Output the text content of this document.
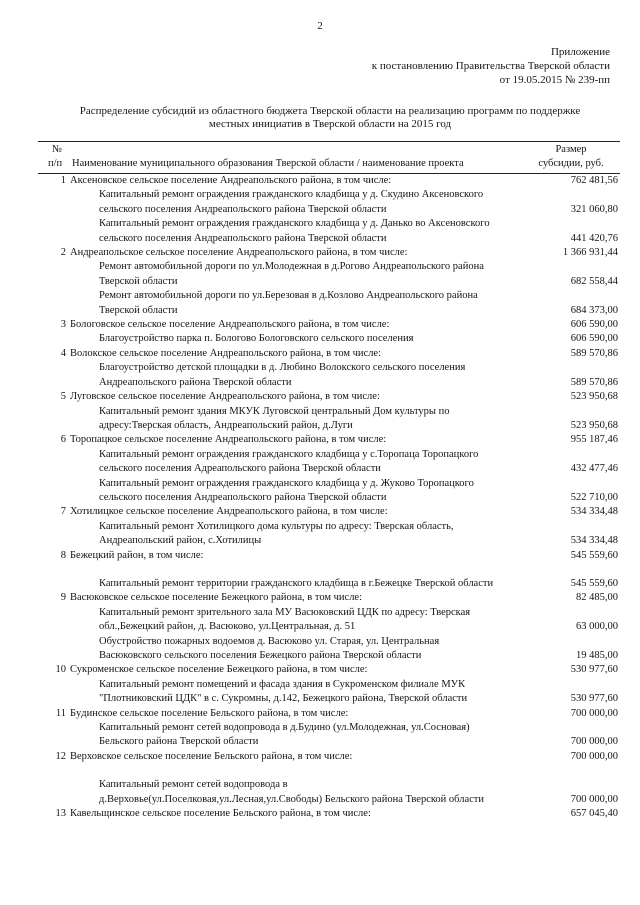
2
Приложение
к постановлению Правительства Тверской области
от 19.05.2015 № 239-пп
Распределение субсидий из областного бюджета Тверской области на реализацию программ по поддержке
местных инициатив в Тверской области на 2015 год
№
п/п Наименование муниципального образования Тверской области / наименование проекта
Размер
субсидии, руб.
1 Аксеновское сельское поселение Андреапольского района, в том числе:	762 481,56
Капитальный ремонт ограждения гражданского кладбища у д. Скудино Аксеновского
сельского поселения Андреапольского района Тверской области	321 060,80
Капитальный ремонт ограждения гражданского кладбища у д. Данько во Аксеновского
сельского поселения Андреапольского района Тверской области	441 420,76
2 Андреапольское сельское поселение Андреапольского района, в том числе:	1 366 931,44
Ремонт автомобильной дороги по ул.Молодежная в д.Рогово Андреапольского района
Тверской области	682 558,44
Ремонт автомобильной дороги по ул.Березовая в д.Козлово Андреапольского района
Тверской области	684 373,00
3 Бологовское сельское поселение Андреапольского района, в том числе:	606 590,00
Благоустройство парка п. Бологово Бологовского сельского поселения	606 590,00
4 Волокское сельское поселение Андреапольского района, в том числе:	589 570,86
Благоустройство детской площадки в д. Любино Волокского сельского поселения
Андреапольского района Тверской области	589 570,86
5 Луговское сельское поселение Андреапольского района, в том числе:	523 950,68
Капитальный ремонт здания МКУК Луговской центральный Дом культуры по
адресу:Тверская область, Андреапольский район, д.Луги	523 950,68
6 Торопацкое сельское поселение Андреапольского района, в том числе:	955 187,46
Капитальный ремонт ограждения гражданского кладбища у с.Торопаца Торопацкого
сельского поселения Адреапольского района Тверской области	432 477,46
Капитальный ремонт ограждения гражданского кладбища у д. Жуково Торопацкого
сельского поселения Андреапольского района Тверской области	522 710,00
7 Хотилицкое сельское поселение Андреапольского района, в том числе:	534 334,48
Капитальный ремонт Хотилицкого дома культуры по адресу: Тверская область,
Андреапольский район, с.Хотилицы	534 334,48
8 Бежецкий район, в том числе:	545 559,60
Капитальный ремонт территории гражданского кладбища в г.Бежецке Тверской области	545 559,60
9 Васюковское сельское поселение Бежецкого района, в том числе:	82 485,00
Капитальный ремонт зрительного зала МУ Васюковский ЦДК по адресу: Тверская
обл.,Бежецкий район, д. Васюково, ул.Центральная, д. 51	63 000,00
Обустройство пожарных водоемов д. Васюково ул. Старая, ул. Центральная
Васюковского сельского поселения Бежецкого района Тверской области	19 485,00
10 Сукроменское сельское поселение Бежецкого района, в том числе:	530 977,60
Капитальный ремонт помещений и фасада здания в Сукроменском филиале МУК
"Плотниковский ЦДК" в с. Сукромны, д.142, Бежецкого района, Тверской области	530 977,60
11 Бyдинское сельское поселение Бельского района, в том числе:	700 000,00
Капитальный ремонт сетей водопровода в д.Будино (ул.Молодежная, ул.Сосновая)
Бельского района Тверской области	700 000,00
12 Верховское сельское поселение Бельского района, в том числе:	700 000,00
Капитальный ремонт сетей водопровода в
д.Верховье(ул.Поселковая,ул.Лесная,ул.Свободы) Бельского района Тверской области	700 000,00
13 Кавельщинское сельское поселение Бельского района, в том числе:	657 045,40
